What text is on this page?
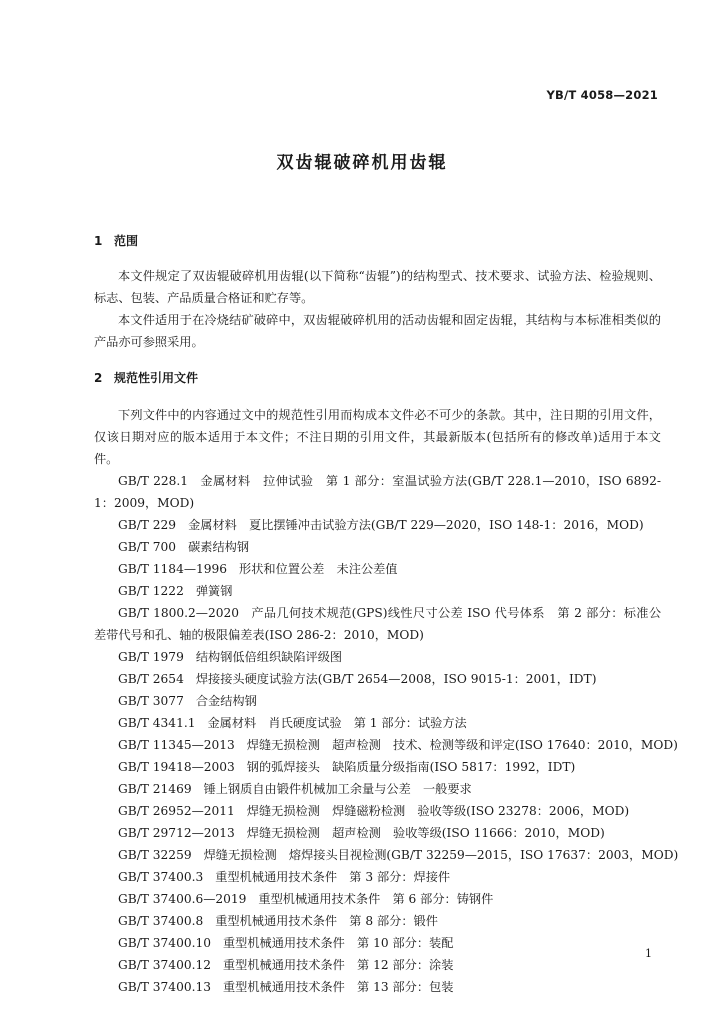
YB/T 4058—2021
双齿辊破碎机用齿辊
1 范围

本文件规定了双齿辊破碎机用齿辊(以下简称“齿辊”)的结构型式、技术要求、试验方法、检验规则、标志、包装、产品质量合格证和贮存等。

本文件适用于在冷烧结矿破碎中，双齿辊破碎机用的活动齿辊和固定齿辊，其结构与本标准相类似的产品亦可参照采用。

2 规范性引用文件

下列文件中的内容通过文中的规范性引用而构成本文件必不可少的条款。其中，注日期的引用文件，仅该日期对应的版本适用于本文件；不注日期的引用文件，其最新版本(包括所有的修改单)适用于本文件。

GB/T 228.1 金属材料　拉伸试验　第 1 部分：室温试验方法(GB/T 228.1—2010，ISO 6892-1：2009，MOD)

GB/T 229 金属材料　夏比摆锤冲击试验方法(GB/T 229—2020，ISO 148-1：2016，MOD)

GB/T 700 碳素结构钢

GB/T 1184—1996 形状和位置公差　未注公差值

GB/T 1222 弹簧钢

GB/T 1800.2—2020 产品几何技术规范(GPS)线性尺寸公差 ISO 代号体系　第 2 部分：标准公差带代号和孔、轴的极限偏差表(ISO 286-2：2010，MOD)

GB/T 1979 结构钢低倍组织缺陷评级图

GB/T 2654 焊接接头硬度试验方法(GB/T 2654—2008，ISO 9015-1：2001，IDT)

GB/T 3077 合金结构钢

GB/T 4341.1 金属材料　肖氏硬度试验　第 1 部分：试验方法

GB/T 11345—2013 焊缝无损检测　超声检测　技术、检测等级和评定(ISO 17640：2010，MOD)

GB/T 19418—2003 钢的弧焊接头　缺陷质量分级指南(ISO 5817：1992，IDT)

GB/T 21469 锤上钢质自由锻件机械加工余量与公差　一般要求

GB/T 26952—2011 焊缝无损检测　焊缝磁粉检测　验收等级(ISO 23278：2006，MOD)

GB/T 29712—2013 焊缝无损检测　超声检测　验收等级(ISO 11666：2010，MOD)

GB/T 32259 焊缝无损检测　熔焊接头目视检测(GB/T 32259—2015，ISO 17637：2003，MOD)

GB/T 37400.3 重型机械通用技术条件　第 3 部分：焊接件

GB/T 37400.6—2019 重型机械通用技术条件　第 6 部分：铸钢件

GB/T 37400.8 重型机械通用技术条件　第 8 部分：锻件

GB/T 37400.10 重型机械通用技术条件　第 10 部分：装配

GB/T 37400.12 重型机械通用技术条件　第 12 部分：涂装

GB/T 37400.13 重型机械通用技术条件　第 13 部分：包装

1
